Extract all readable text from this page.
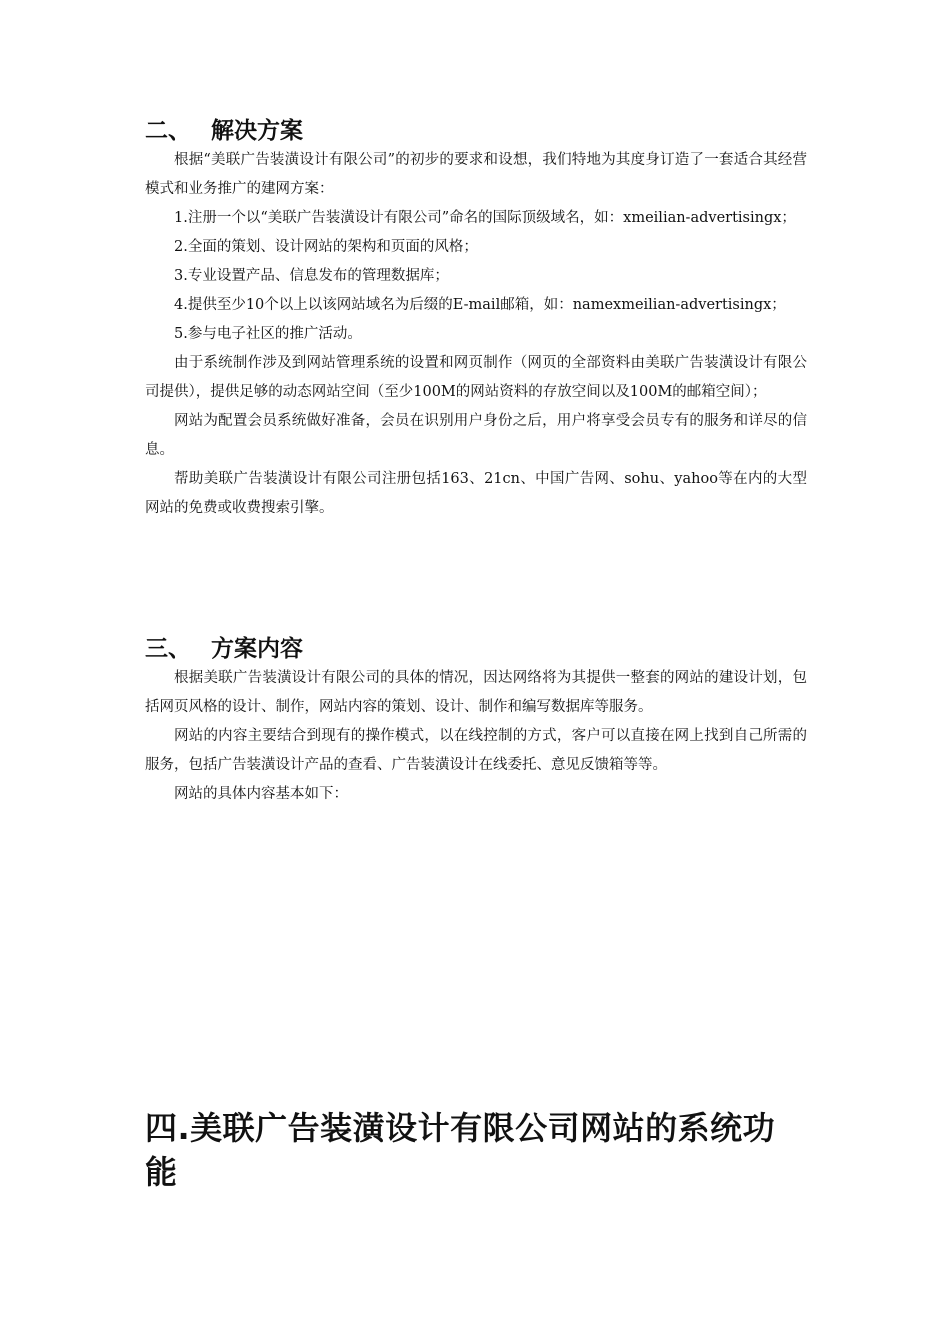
二、 解决方案

根据“美联广告装潢设计有限公司”的初步的要求和设想，我们特地为其度身订造了一套适合其经营模式和业务推广的建网方案：

1.注册一个以“美联广告装潢设计有限公司”命名的国际顶级域名，如：xmeilian-advertisingx；

2.全面的策划、设计网站的架构和页面的风格；

3.专业设置产品、信息发布的管理数据库；

4.提供至少10个以上以该网站域名为后缀的E-mail邮箱，如：namexmeilian-advertisingx；

5.参与电子社区的推广活动。

由于系统制作涉及到网站管理系统的设置和网页制作（网页的全部资料由美联广告装潢设计有限公司提供），提供足够的动态网站空间（至少100M的网站资料的存放空间以及100M的邮箱空间）；

网站为配置会员系统做好准备，会员在识别用户身份之后，用户将享受会员专有的服务和详尽的信息。

帮助美联广告装潢设计有限公司注册包括163、21cn、中国广告网、sohu、yahoo等在内的大型网站的免费或收费搜索引擎。

三、 方案内容

根据美联广告装潢设计有限公司的具体的情况，因达网络将为其提供一整套的网站的建设计划，包括网页风格的设计、制作，网站内容的策划、设计、制作和编写数据库等服务。

网站的内容主要结合到现有的操作模式，以在线控制的方式，客户可以直接在网上找到自己所需的服务，包括广告装潢设计产品的查看、广告装潢设计在线委托、意见反馈箱等等。

网站的具体内容基本如下：

四.美联广告装潢设计有限公司网站的系统功能
